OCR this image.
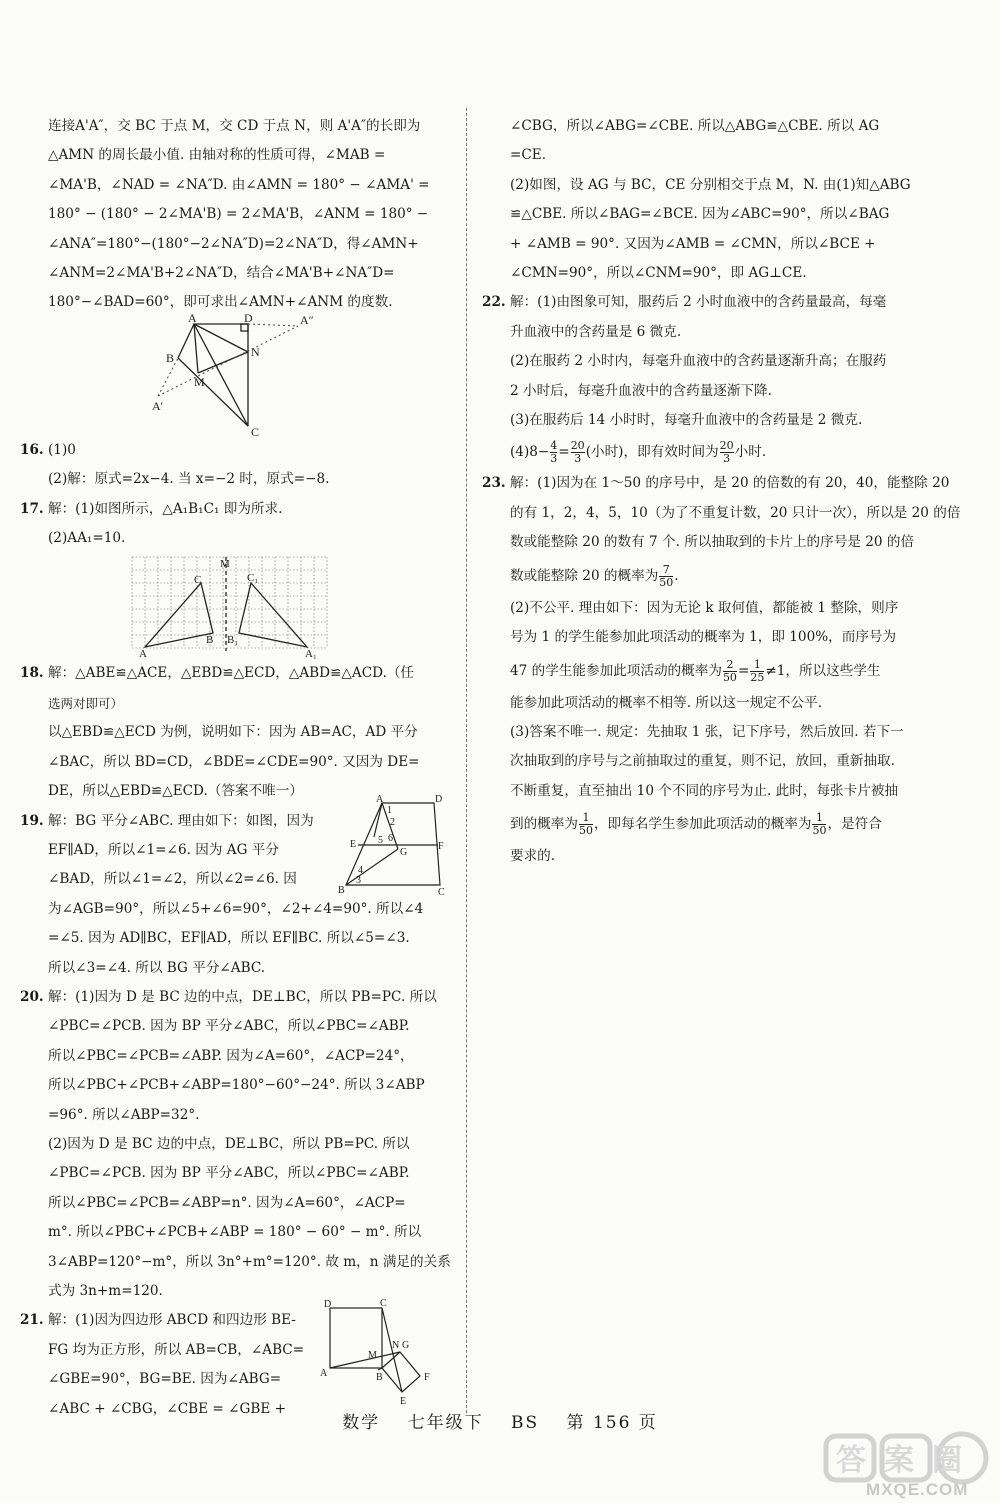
连接A'A″，交 BC 于点 M，交 CD 于点 N，则 A'A″的长即为

△AMN 的周长最小值. 由轴对称的性质可得，∠MAB =

∠MA'B，∠NAD = ∠NA″D. 由∠AMN = 180° − ∠AMA' =

180° − (180° − 2∠MA'B) = 2∠MA'B，∠ANM = 180° −

∠ANA″=180°−(180°−2∠NA″D)=2∠NA″D，得∠AMN+

∠ANM=2∠MA'B+2∠NA″D，结合∠MA'B+∠NA″D=

180°−∠BAD=60°，即可求出∠AMN+∠ANM 的度数.

A	D	A″
B	N
M
A'
C

16. (1)0

(2)解：原式=2x−4. 当 x=−2 时，原式=−8.

17. 解：(1)如图所示，△A₁B₁C₁ 即为所求.

(2)AA₁=10.

M
C	C₁
A
B B₁
A₁

18. 解：△ABE≌△ACE，△EBD≌△ECD，△ABD≌△ACD.（任

选两对即可）

以△EBD≌△ECD 为例，说明如下：因为 AB=AC，AD 平分

∠BAC，所以 BD=CD，∠BDE=∠CDE=90°. 又因为 DE=

DE，所以△EBD≌△ECD.（答案不唯一）

19. 解：BG 平分∠ABC. 理由如下：如图，因为

EF∥AD，所以∠1=∠6. 因为 AG 平分

∠BAD，所以∠1=∠2，所以∠2=∠6. 因

为∠AGB=90°，所以∠5+∠6=90°，∠2+∠4=90°. 所以∠4

=∠5. 因为 AD∥BC，EF∥AD，所以 EF∥BC. 所以∠5=∠3.

所以∠3=∠4. 所以 BG 平分∠ABC.

A	D
1
2
E 5 6
G
F
4
3
B	C

20. 解：(1)因为 D 是 BC 边的中点，DE⊥BC，所以 PB=PC. 所以

∠PBC=∠PCB. 因为 BP 平分∠ABC，所以∠PBC=∠ABP.

所以∠PBC=∠PCB=∠ABP. 因为∠A=60°，∠ACP=24°，

所以∠PBC+∠PCB+∠ABP=180°−60°−24°. 所以 3∠ABP

=96°. 所以∠ABP=32°.

(2)因为 D 是 BC 边的中点，DE⊥BC，所以 PB=PC. 所以

∠PBC=∠PCB. 因为 BP 平分∠ABC，所以∠PBC=∠ABP.

所以∠PBC=∠PCB=∠ABP=n°. 因为∠A=60°，∠ACP=

m°. 所以∠PBC+∠PCB+∠ABP = 180° − 60° − m°. 所以

3∠ABP=120°−m°，所以 3n°+m°=120°. 故 m，n 满足的关系

式为 3n+m=120.

21. 解：(1)因为四边形 ABCD 和四边形 BE-

FG 均为正方形，所以 AB=CB，∠ABC=

∠GBE=90°，BG=BE. 因为∠ABG=

∠ABC + ∠CBG，∠CBE = ∠GBE +

D	C
N G
M
F
A	B
E

∠CBG，所以∠ABG=∠CBE. 所以△ABG≌△CBE. 所以 AG

=CE.

(2)如图，设 AG 与 BC，CE 分别相交于点 M，N. 由(1)知△ABG

≌△CBE. 所以∠BAG=∠BCE. 因为∠ABC=90°，所以∠BAG

+ ∠AMB = 90°. 又因为∠AMB = ∠CMN，所以∠BCE +

∠CMN=90°，所以∠CNM=90°，即 AG⊥CE.

22. 解：(1)由图象可知，服药后 2 小时血液中的含药量最高，每毫

升血液中的含药量是 6 微克.

(2)在服药 2 小时内，每毫升血液中的含药量逐渐升高；在服药

2 小时后，每毫升血液中的含药量逐渐下降.

(3)在服药后 14 小时时，每毫升血液中的含药量是 2 微克.

$(4)8- \frac{4}{3} = \frac{20}{3}$ (小时)，即有效时间为 $\frac{20}{3}$ 小时.

23. 解：(1)因为在 1～50 的序号中，是 20 的倍数的有 20，40，能整除 20

的有 1，2，4，5，10（为了不重复计数，20 只计一次），所以是 20 的倍

数或能整除 20 的数有 7 个. 所以抽取到的卡片上的序号是 20 的倍

数或能整除 20 的概率为 $\frac{7}{50}$ .

(2)不公平. 理由如下：因为无论 k 取何值，都能被 1 整除，则序

号为 1 的学生能参加此项活动的概率为 1，即 100%，而序号为

47 的学生能参加此项活动的概率为 $\frac{2}{50} = \frac{1}{25} \ne 1$，所以这些学生

能参加此项活动的概率不相等. 所以这一规定不公平.

(3)答案不唯一. 规定：先抽取 1 张，记下序号，然后放回. 若下一

次抽取到的序号与之前抽取过的重复，则不记，放回，重新抽取.

不断重复，直至抽出 10 个不同的序号为止. 此时，每张卡片被抽

到的概率为 $\frac{1}{50}$ ，即每名学生参加此项活动的概率为 $\frac{1}{50}$ ，是符合

要求的.

数学 七年级下 BS 第 156 页
答案圈
MXQE.COM
